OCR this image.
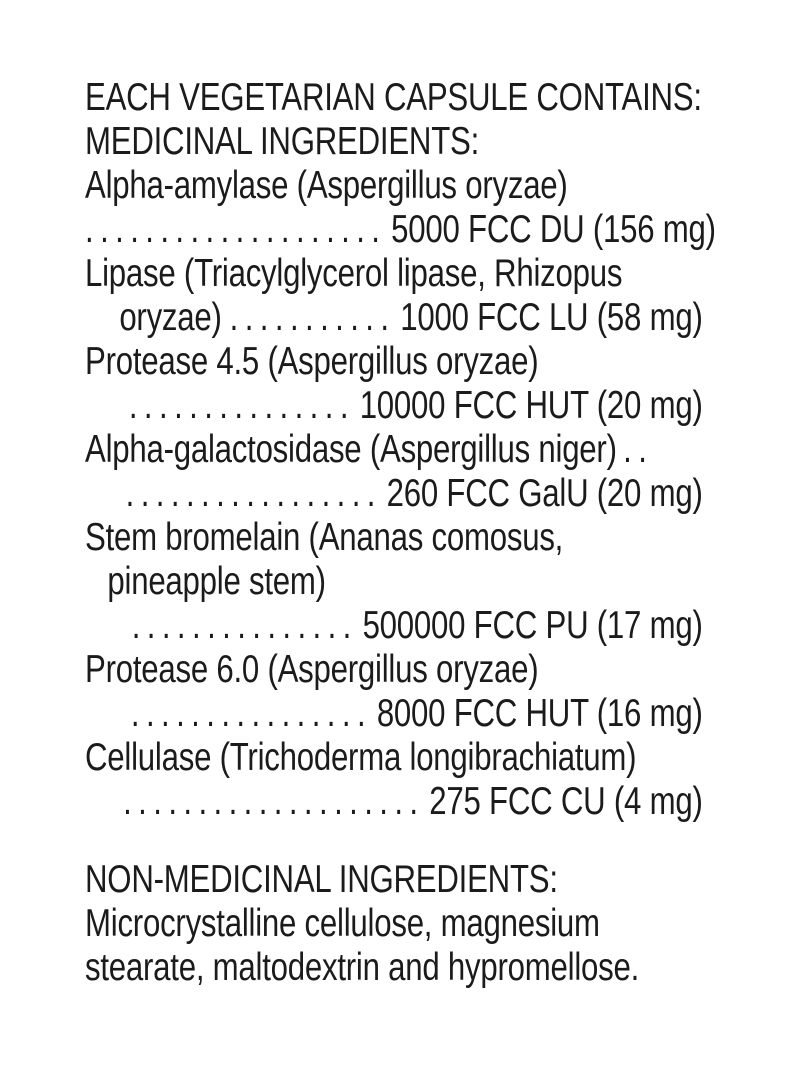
EACH VEGETARIAN CAPSULE CONTAINS:
MEDICINAL INGREDIENTS:
Alpha-amylase (Aspergillus oryzae)
.................... 5000 FCC DU (156 mg)
Lipase (Triacylglycerol lipase, Rhizopus
oryzae) ........... 1000 FCC LU (58 mg)
Protease 4.5 (Aspergillus oryzae)
............... 10000 FCC HUT (20 mg)
Alpha-galactosidase (Aspergillus niger) ..
................. 260 FCC GalU (20 mg)
Stem bromelain (Ananas comosus,
pineapple stem)
............... 500000 FCC PU (17 mg)
Protease 6.0 (Aspergillus oryzae)
................ 8000 FCC HUT (16 mg)
Cellulase (Trichoderma longibrachiatum)
.................... 275 FCC CU (4 mg)
NON-MEDICINAL INGREDIENTS:
Microcrystalline cellulose, magnesium
stearate, maltodextrin and hypromellose.
